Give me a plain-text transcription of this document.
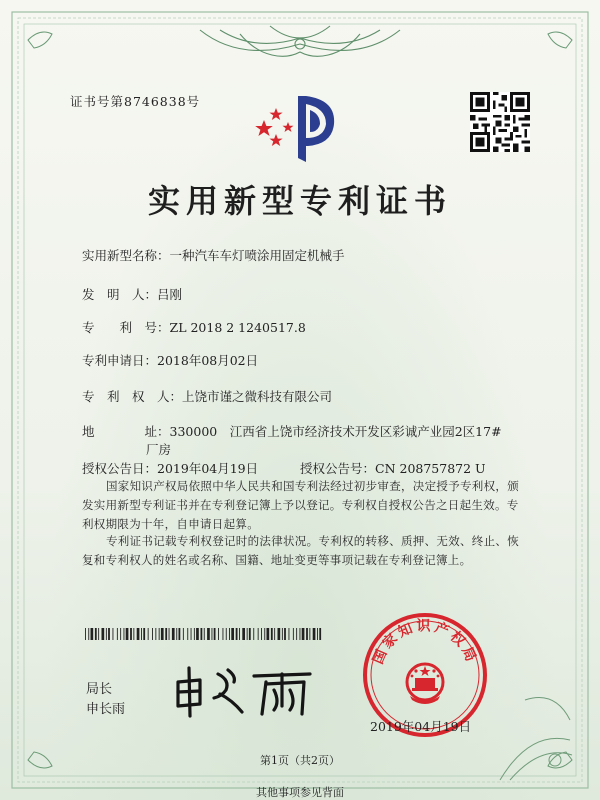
证书号第8746838号
实用新型专利证书
实用新型名称：一种汽车车灯喷涂用固定机械手
发　明　人：吕刚
专　　利　号：ZL 2018 2 1240517.8
专利申请日：2018年08月02日
专　利　权　人：上饶市谨之微科技有限公司
地　　　　址：330000　江西省上饶市经济技术开发区彩诚产业园2区17#
厂房
授权公告日：2019年04月19日	授权公告号：CN 208757872 U

国家知识产权局依照中华人民共和国专利法经过初步审查，决定授予专利权，颁发实用新型专利证书并在专利登记簿上予以登记。专利权自授权公告之日起生效。专利权期限为十年，自申请日起算。

专利证书记载专利权登记时的法律状况。专利权的转移、质押、无效、终止、恢复和专利权人的姓名或名称、国籍、地址变更等事项记载在专利登记簿上。

局长
申长雨
国家知识产权局
2019年04月19日
第1页（共2页）
其他事项参见背面
